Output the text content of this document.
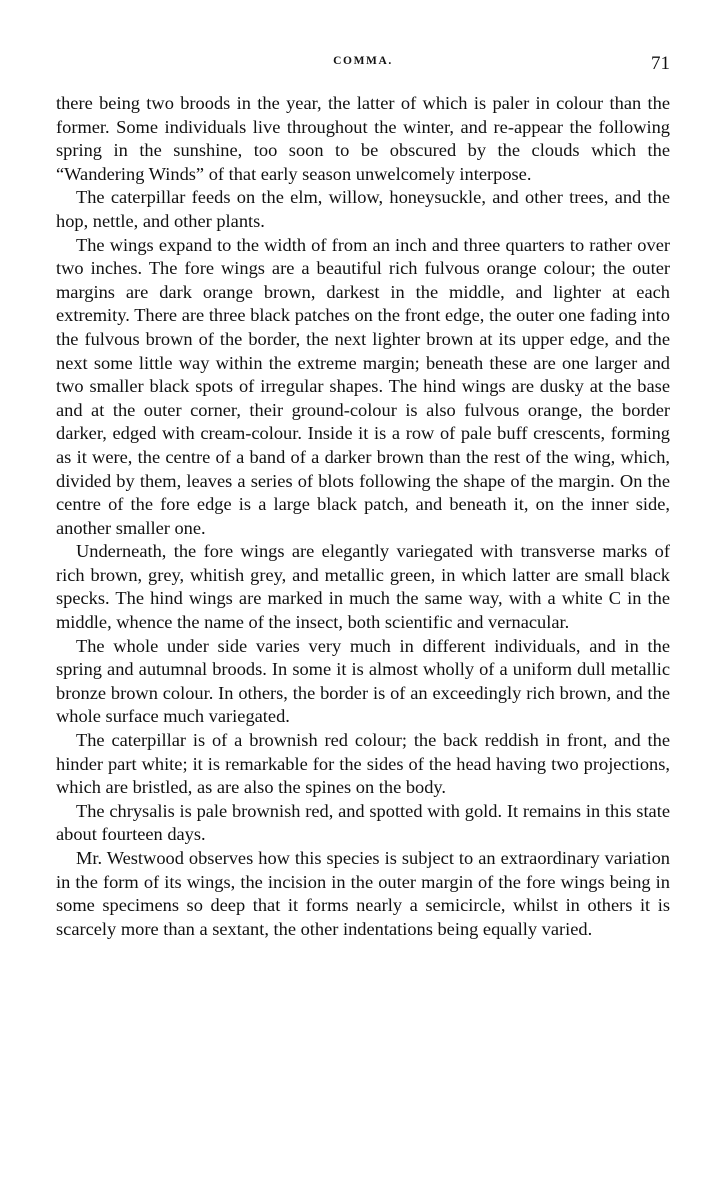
COMMA.	71

there being two broods in the year, the latter of which is paler in colour than the former. Some individuals live throughout the winter, and re-appear the following spring in the sunshine, too soon to be obscured by the clouds which the “Wandering Winds” of that early season unwelcomely interpose.

The caterpillar feeds on the elm, willow, honeysuckle, and other trees, and the hop, nettle, and other plants.

The wings expand to the width of from an inch and three quarters to rather over two inches. The fore wings are a beautiful rich fulvous orange colour; the outer margins are dark orange brown, darkest in the middle, and lighter at each extremity. There are three black patches on the front edge, the outer one fading into the fulvous brown of the border, the next lighter brown at its upper edge, and the next some little way within the extreme margin; beneath these are one larger and two smaller black spots of irregular shapes. The hind wings are dusky at the base and at the outer corner, their ground-colour is also fulvous orange, the border darker, edged with cream-colour. Inside it is a row of pale buff crescents, forming as it were, the centre of a band of a darker brown than the rest of the wing, which, divided by them, leaves a series of blots following the shape of the margin. On the centre of the fore edge is a large black patch, and beneath it, on the inner side, another smaller one.

Underneath, the fore wings are elegantly variegated with transverse marks of rich brown, grey, whitish grey, and metallic green, in which latter are small black specks. The hind wings are marked in much the same way, with a white C in the middle, whence the name of the insect, both scientific and vernacular.

The whole under side varies very much in different individuals, and in the spring and autumnal broods. In some it is almost wholly of a uniform dull metallic bronze brown colour. In others, the border is of an exceedingly rich brown, and the whole surface much variegated.

The caterpillar is of a brownish red colour; the back reddish in front, and the hinder part white; it is remarkable for the sides of the head having two projections, which are bristled, as are also the spines on the body.

The chrysalis is pale brownish red, and spotted with gold. It remains in this state about fourteen days.

Mr. Westwood observes how this species is subject to an extraordinary variation in the form of its wings, the incision in the outer margin of the fore wings being in some specimens so deep that it forms nearly a semicircle, whilst in others it is scarcely more than a sextant, the other indentations being equally varied.
